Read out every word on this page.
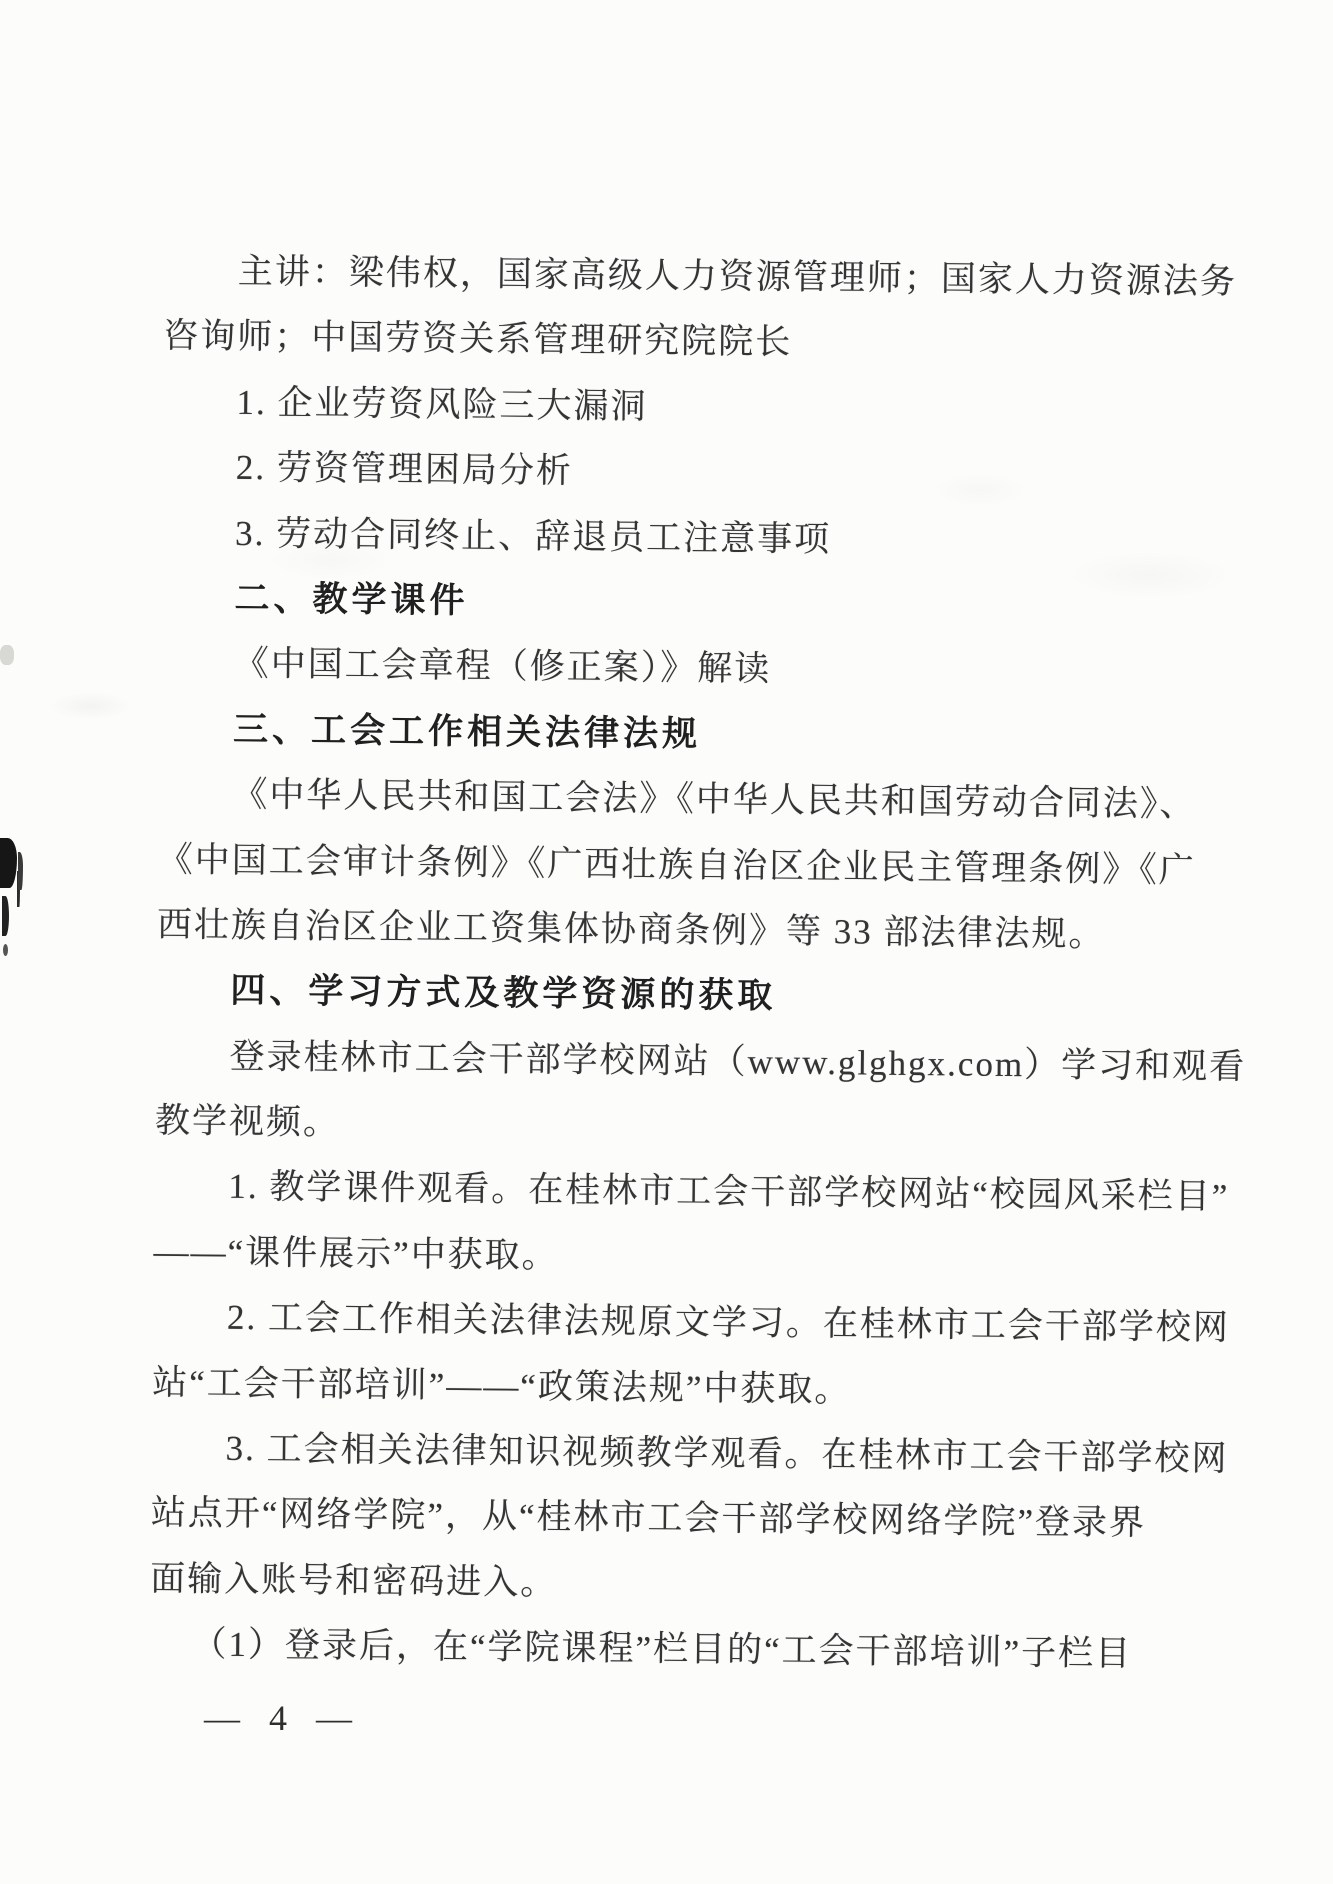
主讲：梁伟权，国家高级人力资源管理师；国家人力资源法务
咨询师；中国劳资关系管理研究院院长
1. 企业劳资风险三大漏洞
2. 劳资管理困局分析
3. 劳动合同终止、辞退员工注意事项
二、教学课件
《中国工会章程（修正案）》解读
三、工会工作相关法律法规
《中华人民共和国工会法》《中华人民共和国劳动合同法》、
《中国工会审计条例》《广西壮族自治区企业民主管理条例》《广
西壮族自治区企业工资集体协商条例》等 33 部法律法规。
四、学习方式及教学资源的获取
登录桂林市工会干部学校网站（www.glghgx.com）学习和观看
教学视频。
1. 教学课件观看。在桂林市工会干部学校网站“校园风采栏目”
——“课件展示”中获取。
2. 工会工作相关法律法规原文学习。在桂林市工会干部学校网
站“工会干部培训”——“政策法规”中获取。
3. 工会相关法律知识视频教学观看。在桂林市工会干部学校网
站点开“网络学院”，从“桂林市工会干部学校网络学院”登录界
面输入账号和密码进入。
（1）登录后，在“学院课程”栏目的“工会干部培训”子栏目
— 4 —
